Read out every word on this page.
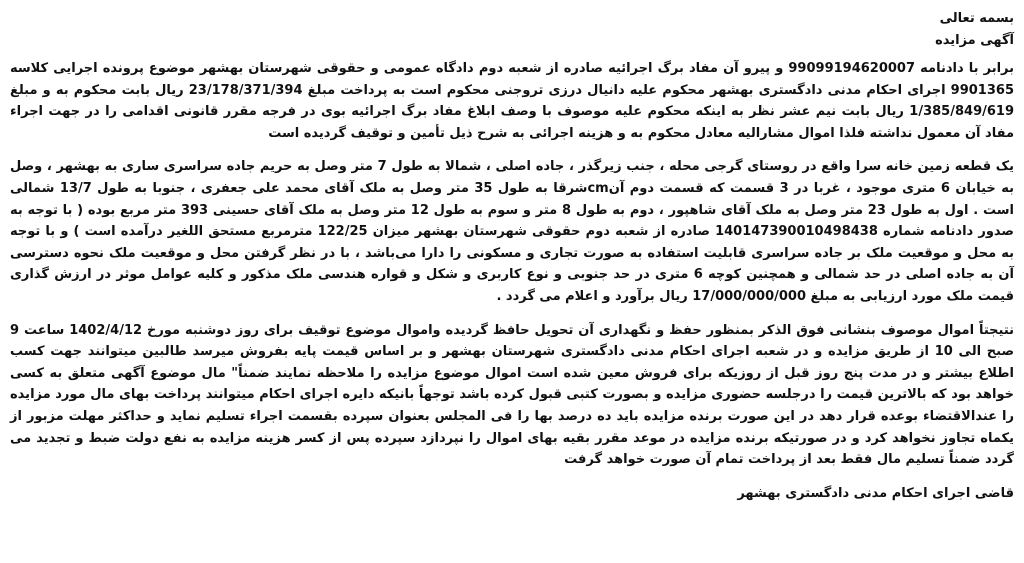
بسمه تعالی

آگهی مزایده

برابر با دادنامه 99099194620007 و پیرو آن مفاد برگ اجرائیه صادره از شعبه دوم دادگاه عمومی و حقوقی شهرستان بهشهر موضوع پرونده اجرایی کلاسه 9901365 اجرای احکام مدنی دادگستری بهشهر محکوم علیه دانیال درزی تروجنی محکوم است به پرداخت مبلغ 23/178/371/394 ریال بابت محکوم به و مبلغ 1/385/849/619 ریال بابت نیم عشر نظر به اینکه محکوم علیه موصوف با وصف ابلاغ مفاد برگ اجرائیه بوی در فرجه مقرر قانونی اقدامی را در جهت اجراء مفاد آن معمول نداشته فلذا اموال مشارالیه معادل محکوم به و هزینه اجرائی به شرح ذیل تأمین و توقیف گردیده است

یک قطعه زمین خانه سرا واقع در روستای گرجی محله ، جنب زیرگذر ، جاده اصلی ، شمالا به طول 7 متر وصل به حریم جاده سراسری ساری به بهشهر ، وصل به خیابان 6 متری موجود ، غربا در 3 قسمت که قسمت دوم آنcmشرقا به طول 35 متر وصل به ملک آقای محمد علی جعفری ، جنوبا به طول 13/7 شمالی است . اول به طول 23 متر وصل به ملک آقای شاهپور ، دوم به طول 8 متر و سوم به طول 12 متر وصل به ملک آقای حسینی 393 متر مربع بوده ( با توجه به صدور دادنامه شماره 140147390010498438 صادره از شعبه دوم حقوقی شهرستان بهشهر میزان 122/25 مترمربع مستحق اللغیر درآمده است ) و با توجه به محل و موقعیت ملک بر جاده سراسری قابلیت استفاده به صورت تجاری و مسکونی را دارا می‌باشد ، با در نظر گرفتن محل و موقعیت ملک نحوه دسترسی آن به جاده اصلی در حد شمالی و همچنین کوچه 6 متری در حد جنوبی و نوع کاربری و شکل و قواره هندسی ملک مذکور و کلیه عوامل موثر در ارزش گذاری قیمت ملک مورد ارزیابی به مبلغ 17/000/000/000 ریال برآورد و اعلام می گردد .

نتیجتاً اموال موصوف بنشانی فوق الذکر بمنظور حفظ و نگهداری آن تحویل حافظ گردیده واموال موضوع توقیف برای روز دوشنبه مورخ 1402/4/12 ساعت 9 صبح الی 10 از طریق مزایده و در شعبه اجرای احکام مدنی دادگستری شهرستان بهشهر و بر اساس قیمت پایه بفروش میرسد طالبین میتوانند جهت کسب اطلاع بیشتر و در مدت پنج روز قبل از روزیکه برای فروش معین شده است اموال موضوع مزایده را ملاحظه نمایند ضمناً" مال موضوع آگهی متعلق به کسی خواهد بود که بالاترین قیمت را درجلسه حضوری مزایده و بصورت کتبی قبول کرده باشد توجهاً بانیکه دایره اجرای احکام میتوانند پرداخت بهای مال مورد مزایده را عندالاقتضاء بوعده قرار دهد در این صورت برنده مزایده باید ده درصد بها را فی المجلس بعنوان سپرده بقسمت اجراء تسلیم نماید و حداکثر مهلت مزبور از یکماه تجاوز نخواهد کرد و در صورتیکه برنده مزایده در موعد مقرر بقیه بهای اموال را نپردازد سپرده پس از کسر هزینه مزایده به نفع دولت ضبط و تجدید می گردد ضمناً تسلیم مال فقط بعد از پرداخت تمام آن صورت خواهد گرفت

قاضی اجرای احکام مدنی دادگستری بهشهر
